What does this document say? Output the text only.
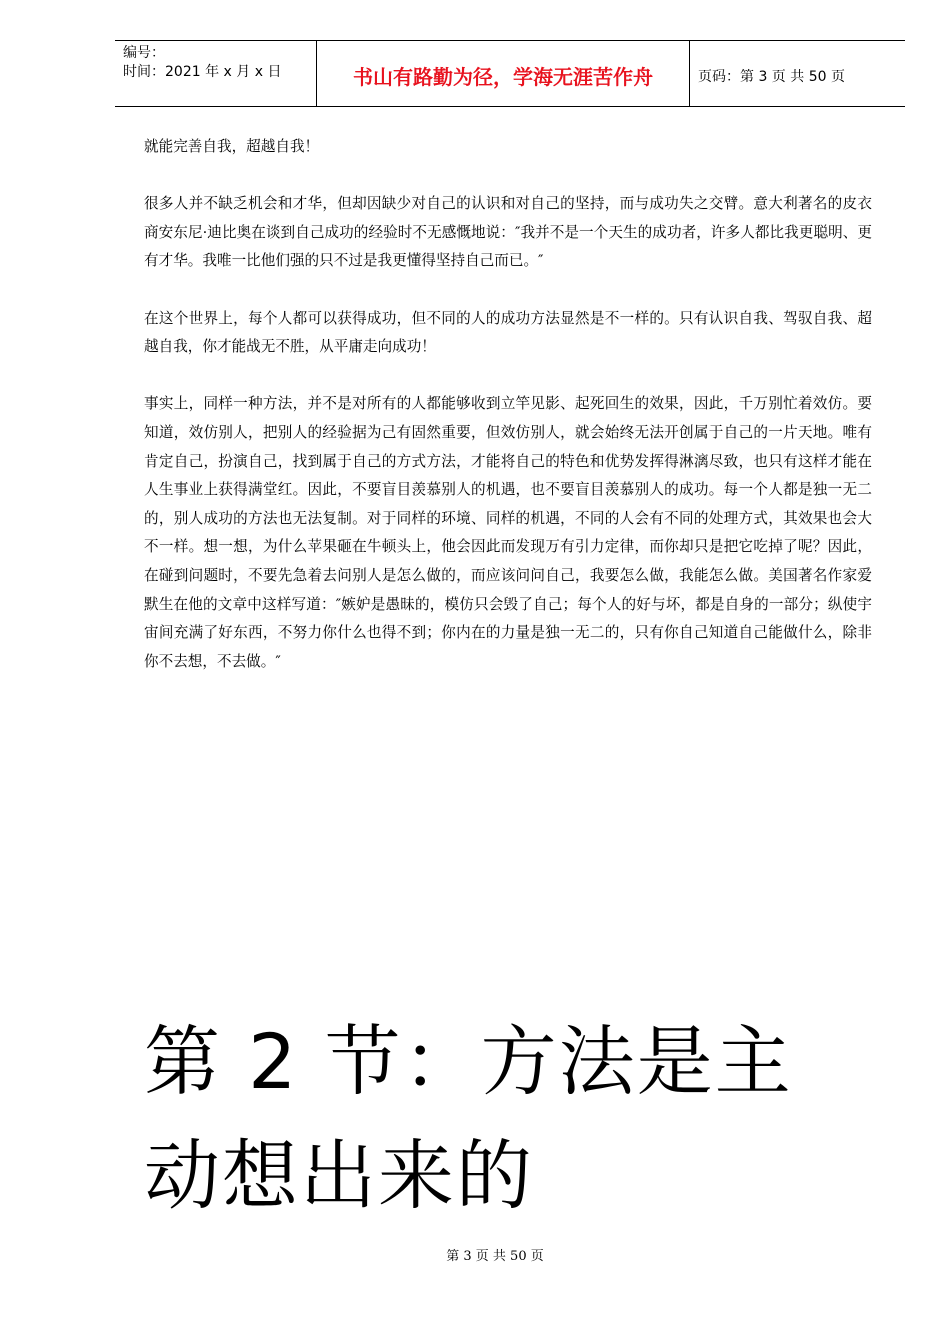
编号：
时间：2021 年 x 月 x 日	书山有路勤为径，学海无涯苦作舟	页码：第 3 页 共 50 页

就能完善自我，超越自我！

很多人并不缺乏机会和才华，但却因缺少对自己的认识和对自己的坚持，而与成功失之交臂。意大利著名的皮衣商安东尼·迪比奥在谈到自己成功的经验时不无感慨地说：″我并不是一个天生的成功者，许多人都比我更聪明、更有才华。我唯一比他们强的只不过是我更懂得坚持自己而已。″

在这个世界上，每个人都可以获得成功，但不同的人的成功方法显然是不一样的。只有认识自我、驾驭自我、超越自我，你才能战无不胜，从平庸走向成功！

事实上，同样一种方法，并不是对所有的人都能够收到立竿见影、起死回生的效果，因此，千万别忙着效仿。要知道，效仿别人，把别人的经验据为己有固然重要，但效仿别人，就会始终无法开创属于自己的一片天地。唯有肯定自己，扮演自己，找到属于自己的方式方法，才能将自己的特色和优势发挥得淋漓尽致，也只有这样才能在人生事业上获得满堂红。因此，不要盲目羡慕别人的机遇，也不要盲目羡慕别人的成功。每一个人都是独一无二的，别人成功的方法也无法复制。对于同样的环境、同样的机遇，不同的人会有不同的处理方式，其效果也会大不一样。想一想，为什么苹果砸在牛顿头上，他会因此而发现万有引力定律，而你却只是把它吃掉了呢？因此，在碰到问题时，不要先急着去问别人是怎么做的，而应该问问自己，我要怎么做，我能怎么做。美国著名作家爱默生在他的文章中这样写道：″嫉妒是愚昧的，模仿只会毁了自己；每个人的好与坏，都是自身的一部分；纵使宇宙间充满了好东西，不努力你什么也得不到；你内在的力量是独一无二的，只有你自己知道自己能做什么，除非你不去想，不去做。″

第 2 节：方法是主动想出来的
第 3 页 共 50 页
